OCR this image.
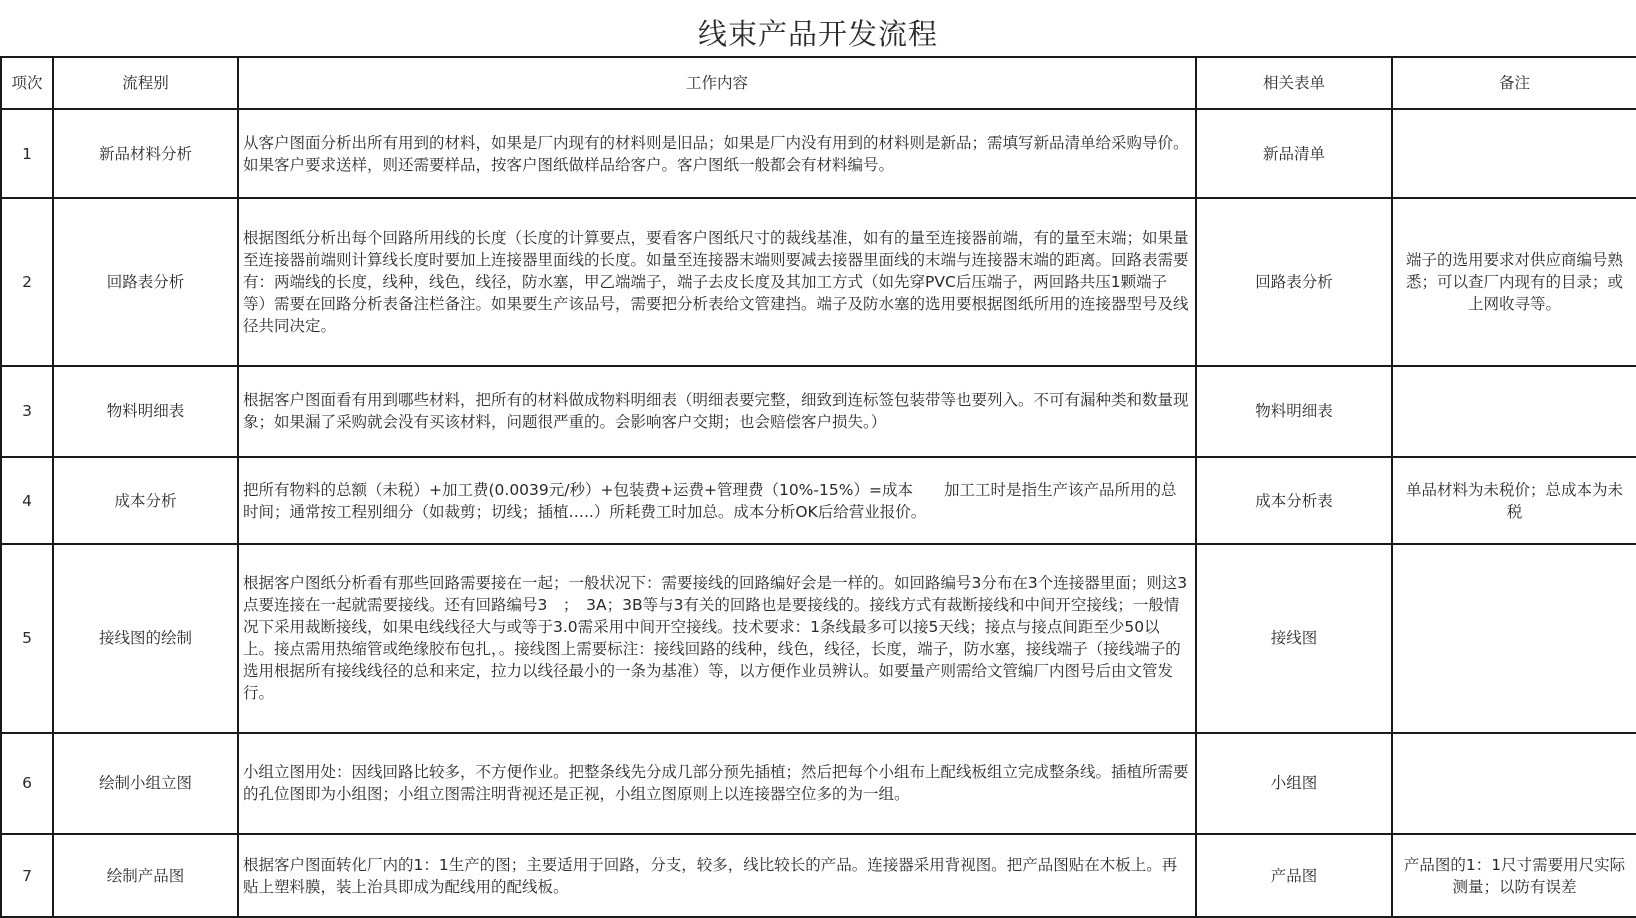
线束产品开发流程
项次	流程别	工作内容	相关表单	备注
1	新品材料分析	从客户图面分析出所有用到的材料，如果是厂内现有的材料则是旧品；如果是厂内没有用到的材料则是新品；需填写新品清单给采购导价。如果客户要求送样，则还需要样品，按客户图纸做样品给客户。客户图纸一般都会有材料编号。	新品清单	
2	回路表分析	根据图纸分析出每个回路所用线的长度（长度的计算要点，要看客户图纸尺寸的裁线基准，如有的量至连接器前端，有的量至末端；如果量至连接器前端则计算线长度时要加上连接器里面线的长度。如量至连接器末端则要减去接器里面线的末端与连接器末端的距离。回路表需要有：两端线的长度，线种，线色，线径，防水塞，甲乙端端子，端子去皮长度及其加工方式（如先穿PVC后压端子，两回路共压1颗端子等）需要在回路分析表备注栏备注。如果要生产该品号，需要把分析表给文管建挡。端子及防水塞的选用要根据图纸所用的连接器型号及线径共同决定。	回路表分析	端子的选用要求对供应商编号熟悉；可以查厂内现有的目录；或上网收寻等。
3	物料明细表	根据客户图面看有用到哪些材料，把所有的材料做成物料明细表（明细表要完整，细致到连标签包装带等也要列入。不可有漏种类和数量现象；如果漏了采购就会没有买该材料，问题很严重的。会影响客户交期；也会赔偿客户损失。）	物料明细表	
4	成本分析	把所有物料的总额（未税）+加工费(0.0039元/秒）+包装费+运费+管理费（10%-15%）=成本　　加工工时是指生产该产品所用的总时间；通常按工程别细分（如裁剪；切线；插植…..）所耗费工时加总。成本分析OK后给营业报价。	成本分析表	单品材料为未税价；总成本为未税
5	接线图的绘制	根据客户图纸分析看有那些回路需要接在一起；一般状况下：需要接线的回路编好会是一样的。如回路编号3分布在3个连接器里面；则这3点要连接在一起就需要接线。还有回路编号3　；　3A；3B等与3有关的回路也是要接线的。接线方式有裁断接线和中间开空接线；一般情况下采用裁断接线，如果电线线径大与或等于3.0需采用中间开空接线。技术要求：1条线最多可以接5天线；接点与接点间距至少50以上。接点需用热缩管或绝缘胶布包扎，。接线图上需要标注：接线回路的线种，线色，线径，长度，端子，防水塞，接线端子（接线端子的选用根据所有接线线径的总和来定，拉力以线径最小的一条为基准）等，以方便作业员辨认。如要量产则需给文管编厂内图号后由文管发行。	接线图	
6	绘制小组立图	小组立图用处：因线回路比较多，不方便作业。把整条线先分成几部分预先插植；然后把每个小组布上配线板组立完成整条线。插植所需要的孔位图即为小组图；小组立图需注明背视还是正视，小组立图原则上以连接器空位多的为一组。	小组图	
7	绘制产品图	根据客户图面转化厂内的1：1生产的图；主要适用于回路，分支，较多，线比较长的产品。连接器采用背视图。把产品图贴在木板上。再贴上塑料膜，装上治具即成为配线用的配线板。	产品图	产品图的1：1尺寸需要用尺实际测量；以防有误差
